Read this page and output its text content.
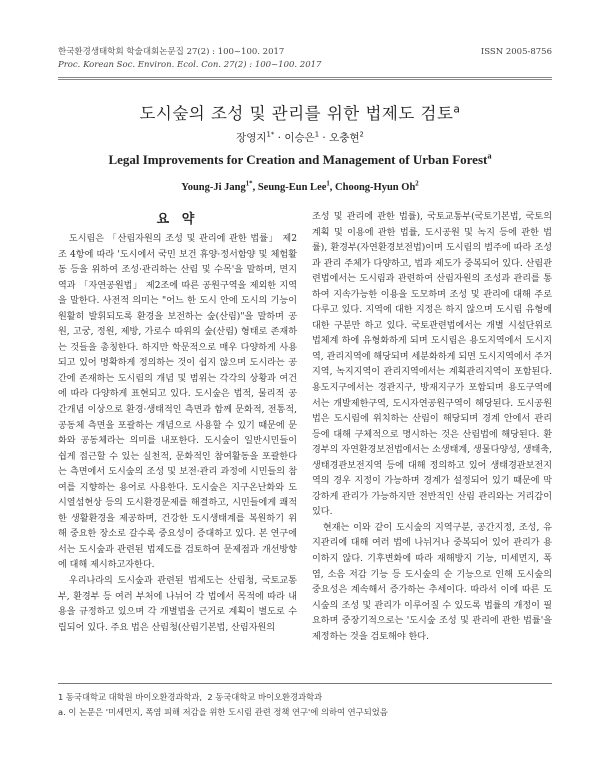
한국환경생태학회 학술대회논문집 27(2) : 100~100. 2017	ISSN 2005-8756
Proc. Korean Soc. Environ. Ecol. Con. 27(2) : 100~100. 2017
도시숲의 조성 및 관리를 위한 법제도 검토$^a$
장영지$^{1*}$ · 이승은$^1$ · 오충현$^2$
Legal Improvements for Creation and Management of Urban Forest$^a$
Young-Ji Jang$^{1*}$, Seung-Eun Lee$^1$, Choong-Hyun Oh$^2$
요 약

도시림은 「산림자원의 조성 및 관리에 관한 법률」 제2조 4항에 따라 '도시에서 국민 보건 휴양·정서함양 및 체험활동 등을 위하여 조성·관리하는 산림 및 수목'을 말하며, 면지역과 「자연공원법」 제2조에 따른 공원구역을 제외한 지역을 말한다. 사전적 의미는 "어느 한 도시 안에 도시의 기능이 원활히 발휘되도록 환경을 보전하는 숲(산림)"을 말하며 공원, 고궁, 정원, 제방, 가로수 따위의 숲(산림) 형태로 존재하는 것들을 총칭한다. 하지만 학문적으로 매우 다양하게 사용되고 있어 명확하게 정의하는 것이 쉽지 않으며 도시라는 공간에 존재하는 도시림의 개념 및 범위는 각각의 상황과 여건에 따라 다양하게 표현되고 있다. 도시숲은 법적, 물리적 공간개념 이상으로 환경·생태적인 측면과 함께 문화적, 전통적, 공동체 측면을 포괄하는 개념으로 사용할 수 있기 때문에 문화와 공동체라는 의미를 내포한다. 도시숲이 일반시민들이 쉽게 접근할 수 있는 실천적, 문화적인 참여활동을 포괄한다는 측면에서 도시숲의 조성 및 보전·관리 과정에 시민들의 참여를 지향하는 용어로 사용한다. 도시숲은 지구온난화와 도시열섬현상 등의 도시환경문제를 해결하고, 시민들에게 쾌적한 생활환경을 제공하며, 건강한 도시생태계를 복원하기 위해 중요한 장소로 갈수록 중요성이 증대하고 있다. 본 연구에서는 도시숲과 관련된 법제도를 검토하여 문제점과 개선방향에 대해 제시하고자한다.

우리나라의 도시숲과 관련된 법제도는 산림청, 국토교통부, 환경부 등 여러 부처에 나뉘어 각 법에서 목적에 따라 내용을 규정하고 있으며 각 개별법을 근거로 계획이 별도로 수립되어 있다. 주요 법은 산림청(산림기본법, 산림자원의

조성 및 관리에 관한 법률), 국토교통부(국토기본법, 국토의 계획 및 이용에 관한 법률, 도시공원 및 녹지 등에 관한 법률), 환경부(자연환경보전법)이며 도시림의 범주에 따라 조성과 관리 주체가 다양하고, 법과 제도가 중복되어 있다. 산림관련법에서는 도시림과 관련하여 산림자원의 조성과 관리를 통하여 지속가능한 이용을 도모하며 조성 및 관리에 대해 주로 다루고 있다. 지역에 대한 지정은 하지 않으며 도시림 유형에 대한 구분만 하고 있다. 국토관련법에서는 개별 시설단위로 법체계 하에 유형화하게 되며 도시림은 용도지역에서 도시지역, 관리지역에 해당되며 세분화하게 되면 도시지역에서 주거지역, 녹지지역이 관리지역에서는 계획관리지역이 포함된다. 용도지구에서는 경관지구, 방재지구가 포함되며 용도구역에서는 개발제한구역, 도시자연공원구역이 해당된다. 도시공원법은 도시림에 위치하는 산림이 해당되며 경계 안에서 관리 등에 대해 구체적으로 명시하는 것은 산림법에 해당된다. 환경부의 자연환경보전법에서는 소생태계, 생물다양성, 생태축, 생태경관보전지역 등에 대해 정의하고 있어 생태경관보전지역의 경우 지정이 가능하며 경계가 설정되어 있기 때문에 막강하게 관리가 가능하지만 전반적인 산림 관리와는 거리감이 있다.

현재는 이와 같이 도시숲의 지역구분, 공간지정, 조성, 유지관리에 대해 여러 법에 나뉘거나 중복되어 있어 관리가 용이하지 않다. 기후변화에 따라 재해방지 기능, 미세먼지, 폭염, 소음 저감 기능 등 도시숲의 순 기능으로 인해 도시숲의 중요성은 계속해서 증가하는 추세이다. 따라서 이에 따른 도시숲의 조성 및 관리가 이루어질 수 있도록 법률의 개정이 필요하며 중장기적으로는 '도시숲 조성 및 관리에 관한 법률'을 제정하는 것을 검토해야 한다.

1 동국대학교 대학원 바이오환경과학과, 2 동국대학교 바이오환경과학과
a. 이 논문은 '미세먼지, 폭염 피해 저감을 위한 도시림 관련 정책 연구'에 의하여 연구되었음
